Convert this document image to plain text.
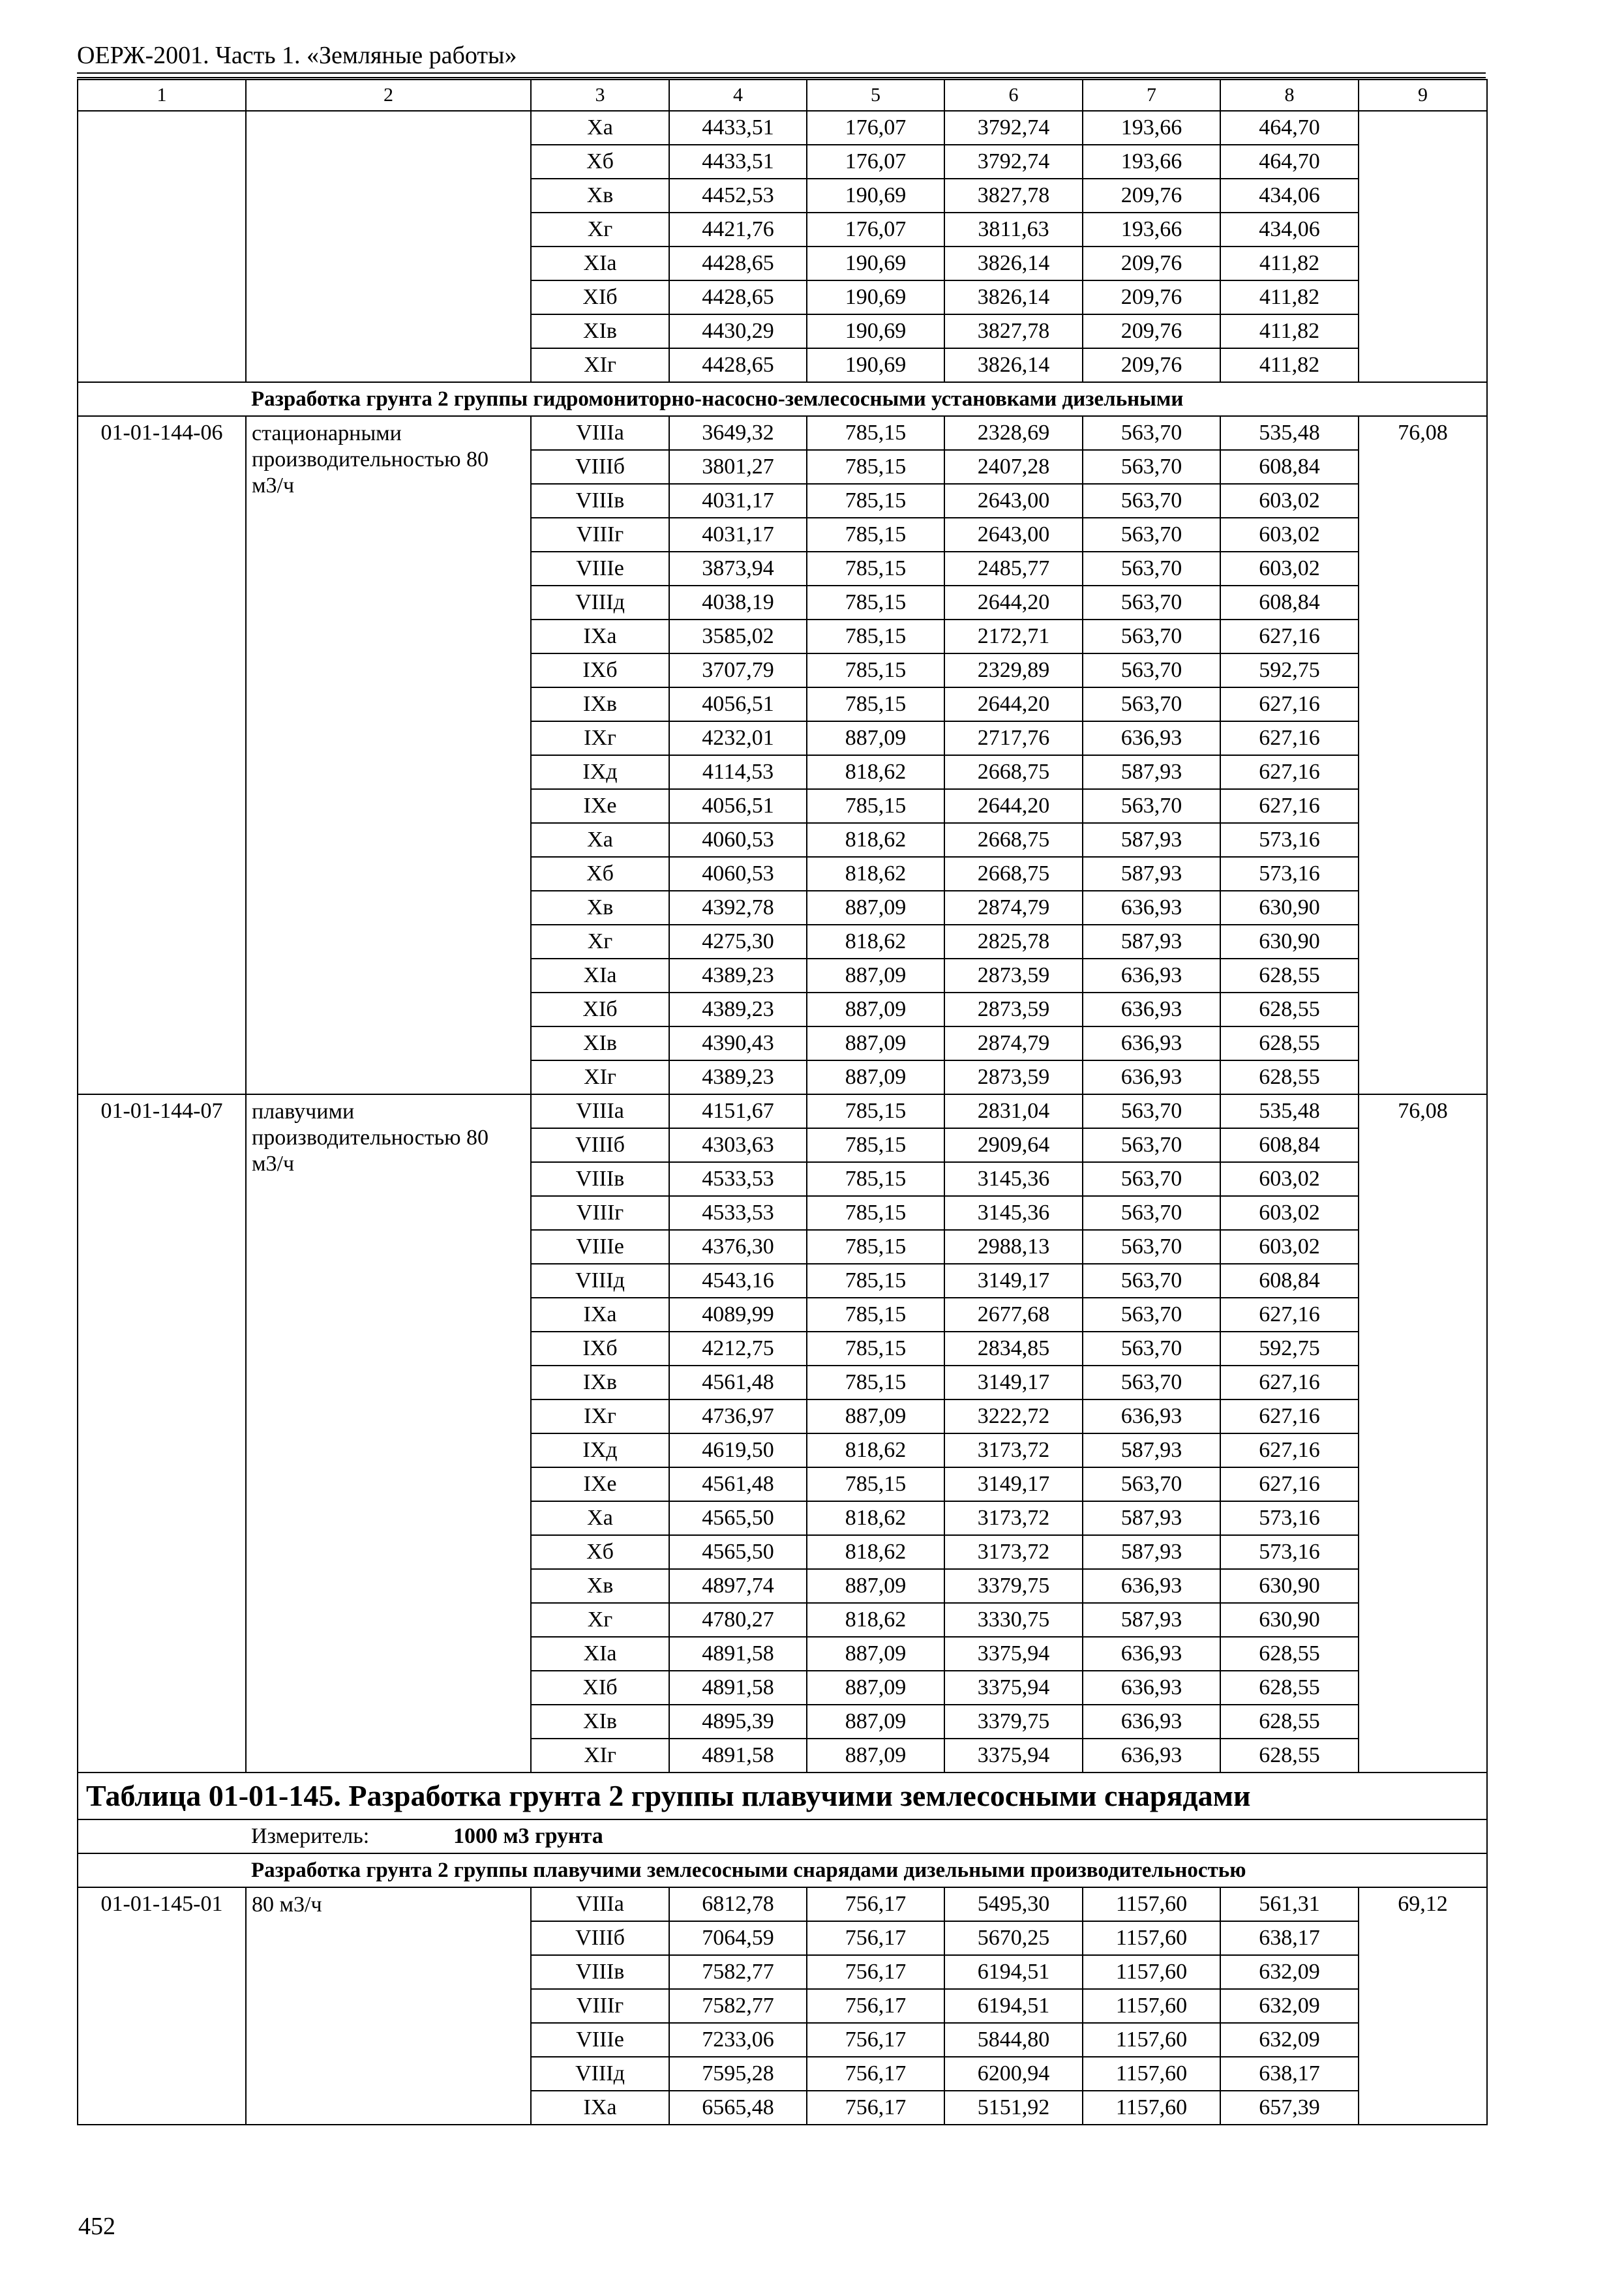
ОЕРЖ-2001. Часть 1. «Земляные работы»
1	2	3	4	5	6	7	8	9
		Xa	4433,51	176,07	3792,74	193,66	464,70	
		Xб	4433,51	176,07	3792,74	193,66	464,70	
		Xв	4452,53	190,69	3827,78	209,76	434,06	
		Xг	4421,76	176,07	3811,63	193,66	434,06	
		XIa	4428,65	190,69	3826,14	209,76	411,82	
		XIб	4428,65	190,69	3826,14	209,76	411,82	
		XIв	4430,29	190,69	3827,78	209,76	411,82	
		XIг	4428,65	190,69	3826,14	209,76	411,82	
Разработка грунта 2 группы гидромониторно-насосно-землесосными установками дизельными								
01-01-144-06	стационарными производительностью 80 м3/ч	VIIIa	3649,32	785,15	2328,69	563,70	535,48	76,08
		VIIIб	3801,27	785,15	2407,28	563,70	608,84	
		VIIIв	4031,17	785,15	2643,00	563,70	603,02	
		VIIIг	4031,17	785,15	2643,00	563,70	603,02	
		VIIIе	3873,94	785,15	2485,77	563,70	603,02	
		VIIIд	4038,19	785,15	2644,20	563,70	608,84	
		IXa	3585,02	785,15	2172,71	563,70	627,16	
		IXб	3707,79	785,15	2329,89	563,70	592,75	
		IXв	4056,51	785,15	2644,20	563,70	627,16	
		IXг	4232,01	887,09	2717,76	636,93	627,16	
		IXд	4114,53	818,62	2668,75	587,93	627,16	
		IXе	4056,51	785,15	2644,20	563,70	627,16	
		Xa	4060,53	818,62	2668,75	587,93	573,16	
		Xб	4060,53	818,62	2668,75	587,93	573,16	
		Xв	4392,78	887,09	2874,79	636,93	630,90	
		Xг	4275,30	818,62	2825,78	587,93	630,90	
		XIa	4389,23	887,09	2873,59	636,93	628,55	
		XIб	4389,23	887,09	2873,59	636,93	628,55	
		XIв	4390,43	887,09	2874,79	636,93	628,55	
		XIг	4389,23	887,09	2873,59	636,93	628,55	
01-01-144-07	плавучими производительностью 80 м3/ч	VIIIa	4151,67	785,15	2831,04	563,70	535,48	76,08
		VIIIб	4303,63	785,15	2909,64	563,70	608,84	
		VIIIв	4533,53	785,15	3145,36	563,70	603,02	
		VIIIг	4533,53	785,15	3145,36	563,70	603,02	
		VIIIе	4376,30	785,15	2988,13	563,70	603,02	
		VIIIд	4543,16	785,15	3149,17	563,70	608,84	
		IXa	4089,99	785,15	2677,68	563,70	627,16	
		IXб	4212,75	785,15	2834,85	563,70	592,75	
		IXв	4561,48	785,15	3149,17	563,70	627,16	
		IXг	4736,97	887,09	3222,72	636,93	627,16	
		IXд	4619,50	818,62	3173,72	587,93	627,16	
		IXе	4561,48	785,15	3149,17	563,70	627,16	
		Xa	4565,50	818,62	3173,72	587,93	573,16	
		Xб	4565,50	818,62	3173,72	587,93	573,16	
		Xв	4897,74	887,09	3379,75	636,93	630,90	
		Xг	4780,27	818,62	3330,75	587,93	630,90	
		XIa	4891,58	887,09	3375,94	636,93	628,55	
		XIб	4891,58	887,09	3375,94	636,93	628,55	
		XIв	4895,39	887,09	3379,75	636,93	628,55	
		XIг	4891,58	887,09	3375,94	636,93	628,55	
Таблица 01-01-145. Разработка грунта 2 группы плавучими землесосными снарядами								
Измеритель: 1000 м3 грунта								
Разработка грунта 2 группы плавучими землесосными снарядами дизельными производительностью								
01-01-145-01	80 м3/ч	VIIIa	6812,78	756,17	5495,30	1157,60	561,31	69,12
		VIIIб	7064,59	756,17	5670,25	1157,60	638,17	
		VIIIв	7582,77	756,17	6194,51	1157,60	632,09	
		VIIIг	7582,77	756,17	6194,51	1157,60	632,09	
		VIIIе	7233,06	756,17	5844,80	1157,60	632,09	
		VIIIд	7595,28	756,17	6200,94	1157,60	638,17	
		IXa	6565,48	756,17	5151,92	1157,60	657,39	
452
